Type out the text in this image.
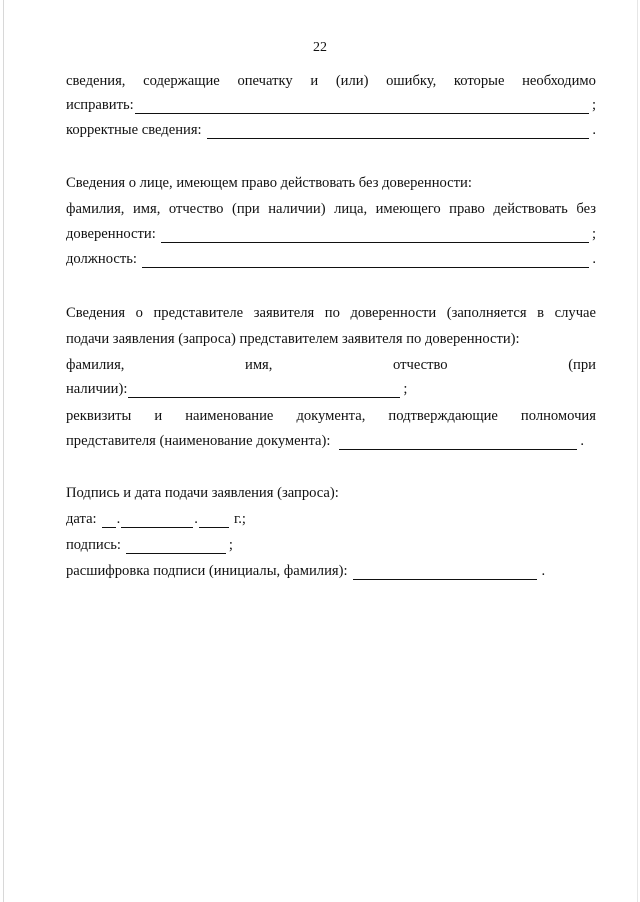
22
сведения, содержащие опечатку и (или) ошибку, которые необходимо
исправить:	;
корректные сведения:	.
Сведения о лице, имеющем право действовать без доверенности:
фамилия, имя, отчество (при наличии) лица, имеющего право действовать без
доверенности:	;
должность:	.
Сведения о представителе заявителя по доверенности (заполняется в случае
подачи заявления (запроса) представителем заявителя по доверенности):
фамилия,	имя,	отчество	(при
наличии):	;
реквизиты и наименование документа, подтверждающие полномочия
представителя (наименование документа):	.
Подпись и дата подачи заявления (запроса):
дата: .	. г.;
подпись:	;
расшифровка подписи (инициалы, фамилия):	.
